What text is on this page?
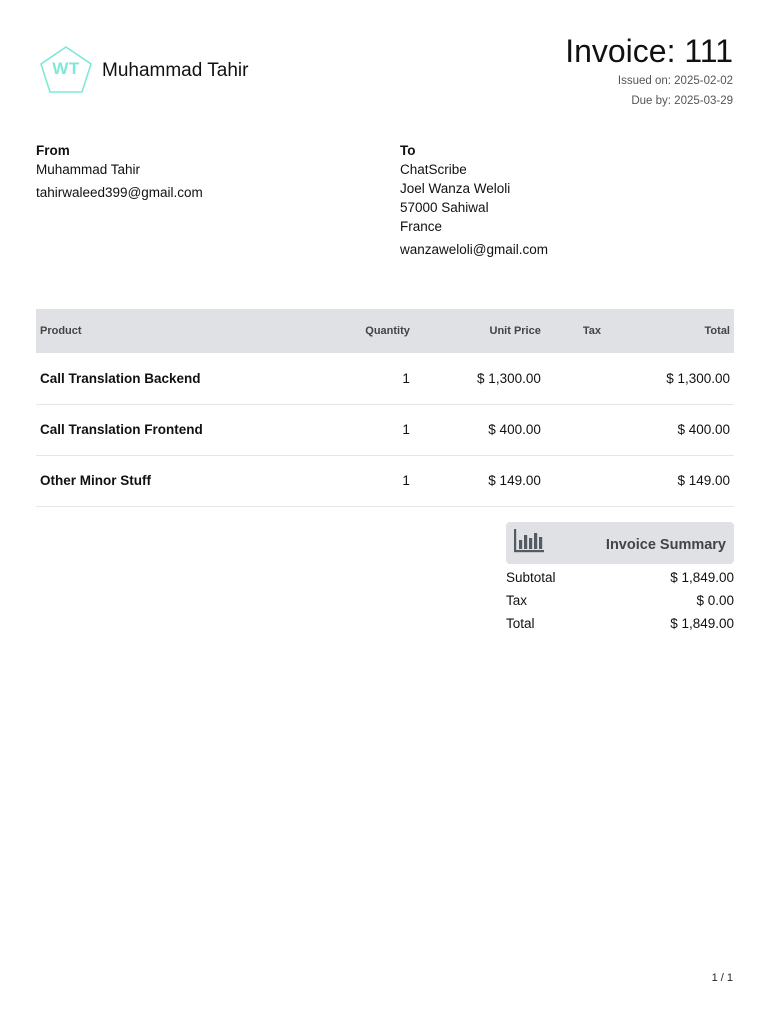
WT	Muhammad Tahir
Invoice: 111
Issued on: 2025-02-02
Due by: 2025-03-29
From
Muhammad Tahir
tahirwaleed399@gmail.com
To
ChatScribe
Joel Wanza Weloli
57000 Sahiwal
France
wanzaweloli@gmail.com
Product	Quantity	Unit Price	Tax	Total
Call Translation Backend	1	$ 1,300.00		$ 1,300.00
Call Translation Frontend	1	$ 400.00		$ 400.00
Other Minor Stuff	1	$ 149.00		$ 149.00
Invoice Summary
Subtotal	$ 1,849.00
Tax	$ 0.00
Total	$ 1,849.00
1 / 1
